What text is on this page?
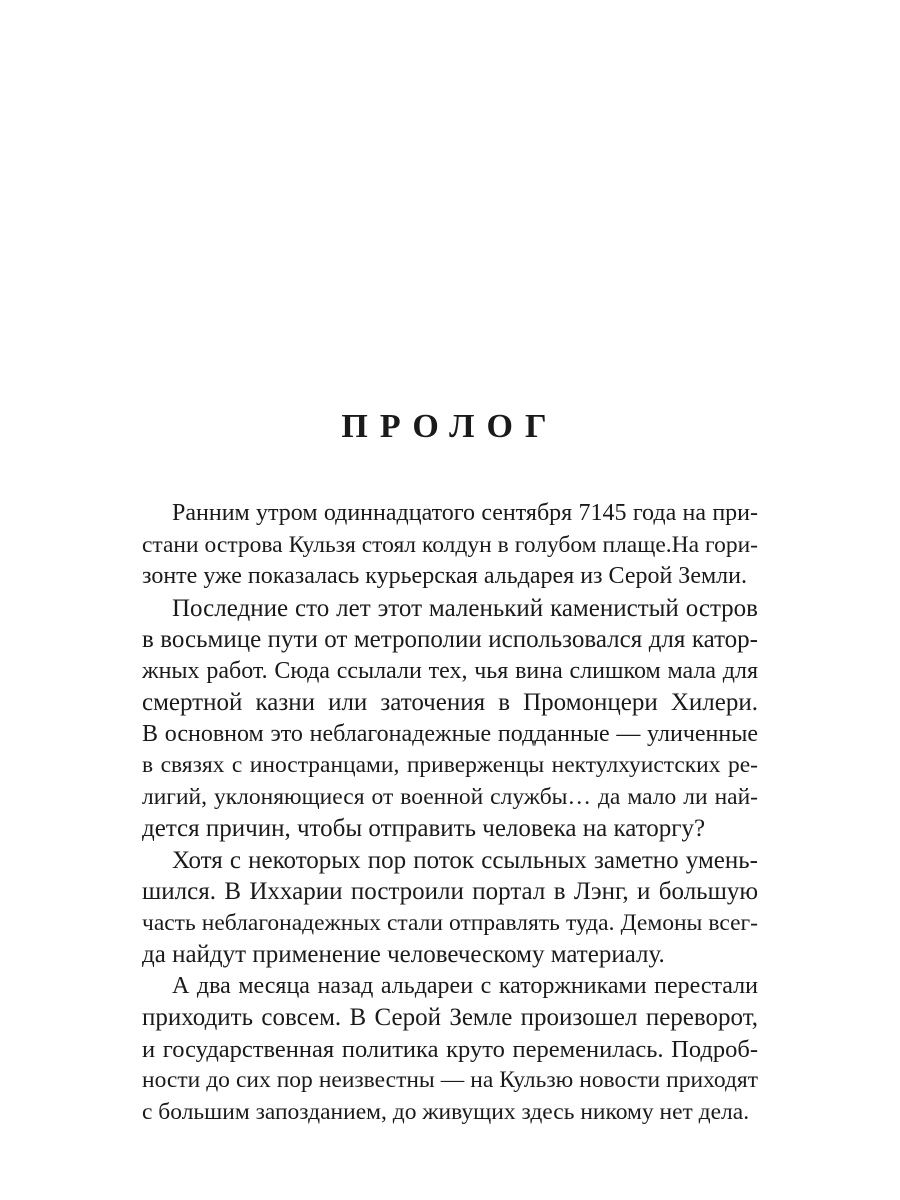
ПРОЛОГ
Ранним утром одиннадцатого сентября 7145 года на при-
стани острова Кульзя стоял колдун в голубом плаще.На гори-
зонте уже показалась курьерская альдарея из Серой Земли.
Последние сто лет этот маленький каменистый остров
в восьмице пути от метрополии использовался для катор-
жных работ. Сюда ссылали тех, чья вина слишком мала для
смертной казни или заточения в Промонцери Хилери.
В основном это неблагонадежные подданные — уличенные
в связях с иностранцами, приверженцы нектулхуистских ре-
лигий, уклоняющиеся от военной службы… да мало ли най-
дется причин, чтобы отправить человека на каторгу?
Хотя с некоторых пор поток ссыльных заметно умень-
шился. В Иххарии построили портал в Лэнг, и большую
часть неблагонадежных стали отправлять туда. Демоны всег-
да найдут применение человеческому материалу.
А два месяца назад альдареи с каторжниками перестали
приходить совсем. В Серой Земле произошел переворот,
и государственная политика круто переменилась. Подроб-
ности до сих пор неизвестны — на Кульзю новости приходят
с большим запозданием, до живущих здесь никому нет дела.
